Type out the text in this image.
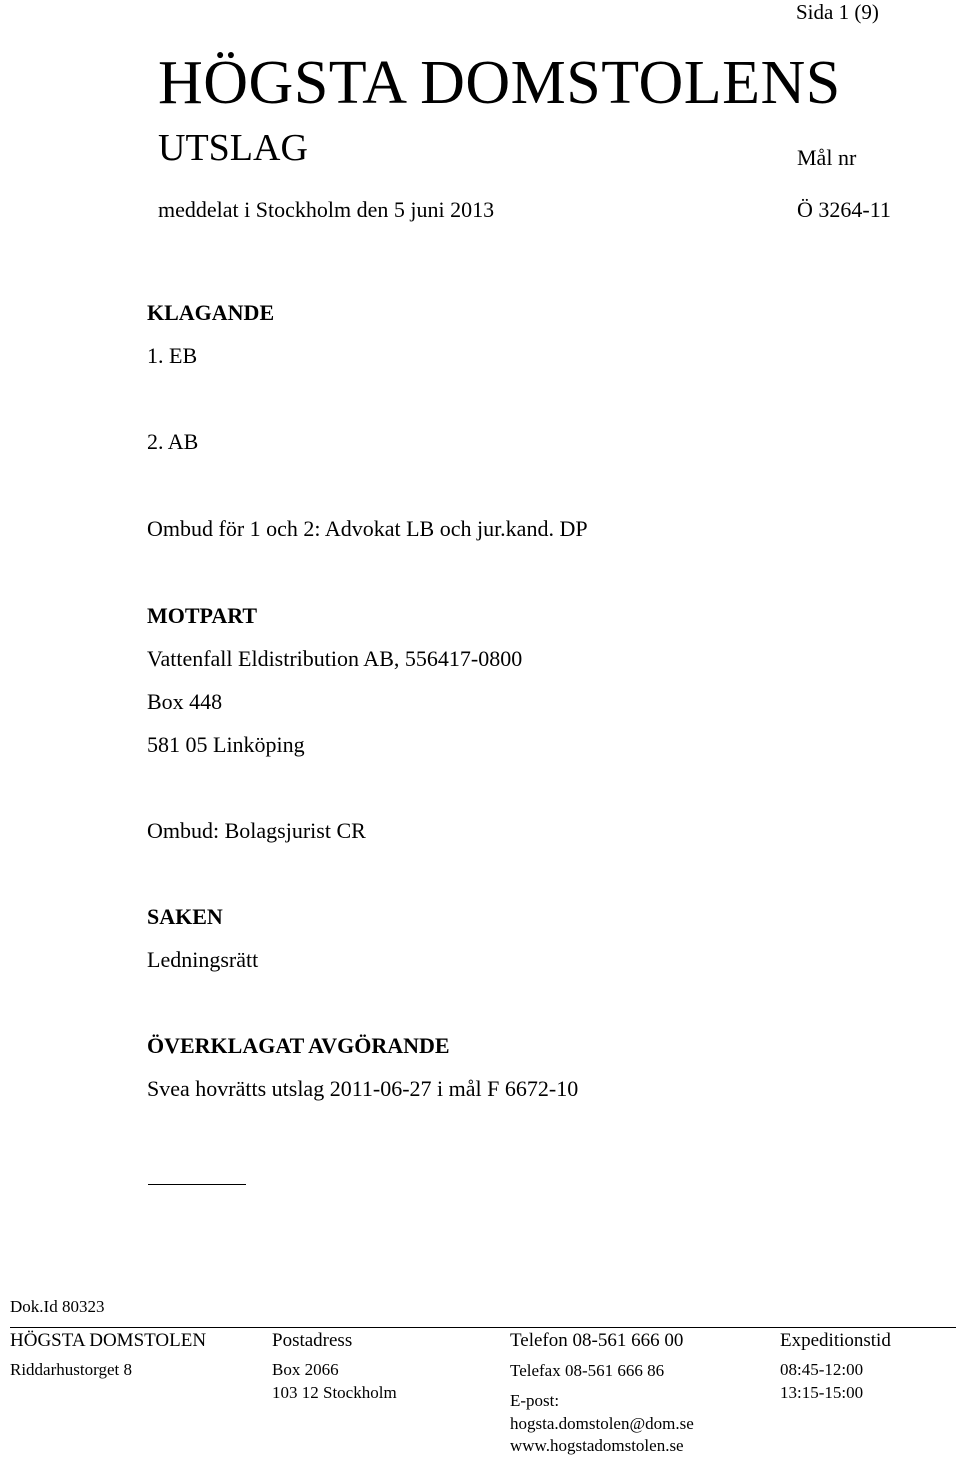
Sida 1 (9)
HÖGSTA DOMSTOLENS
UTSLAG	Mål nr
meddelat i Stockholm den 5 juni 2013	Ö 3264-11
KLAGANDE
1. EB
2. AB
Ombud för 1 och 2: Advokat LB och jur.kand. DP
MOTPART
Vattenfall Eldistribution AB, 556417-0800
Box 448
581 05 Linköping
Ombud: Bolagsjurist CR
SAKEN
Ledningsrätt
ÖVERKLAGAT AVGÖRANDE
Svea hovrätts utslag 2011-06-27 i mål F 6672-10
Dok.Id 80323
HÖGSTA DOMSTOLEN
Riddarhustorget 8
Postadress
Box 2066
103 12 Stockholm
Telefon 08-561 666 00
Telefax 08-561 666 86
E-post:
hogsta.domstolen@dom.se
www.hogstadomstolen.se
Expeditionstid
08:45-12:00
13:15-15:00
